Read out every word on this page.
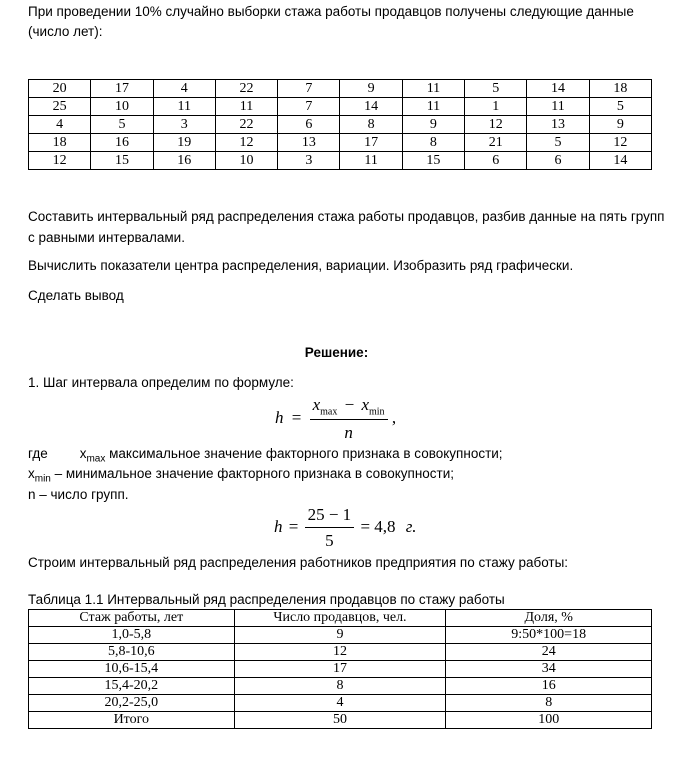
При проведении 10% случайно выборки стажа работы продавцов получены следующие данные (число лет):

20	17	4	22	7	9	11	5	14	18
25	10	11	11	7	14	11	1	11	5
4	5	3	22	6	8	9	12	13	9
18	16	19	12	13	17	8	21	5	12
12	15	16	10	3	11	15	6	6	14

Составить интервальный ряд распределения стажа работы продавцов, разбив данные на пять групп с равными интервалами.

Вычислить показатели центра распределения, вариации. Изобразить ряд графически.

Сделать вывод

Решение:

1. Шаг интервала определим по формуле:

$h = \frac{x_{max} - x_{min}}{n}$ ,
где $x_{max}$ максимальное значение факторного признака в совокупности;
$x_{min}$ – минимальное значение факторного признака в совокупности;

n – число групп.

$h = \frac{25 - 1}{5} = 4,8$ г.

Строим интервальный ряд распределения работников предприятия по стажу работы:

Таблица 1.1 Интервальный ряд распределения продавцов по стажу работы

Стаж работы, лет	Число продавцов, чел.	Доля, %
1,0-5,8	9	9:50*100=18
5,8-10,6	12	24
10,6-15,4	17	34
15,4-20,2	8	16
20,2-25,0	4	8
Итого	50	100
